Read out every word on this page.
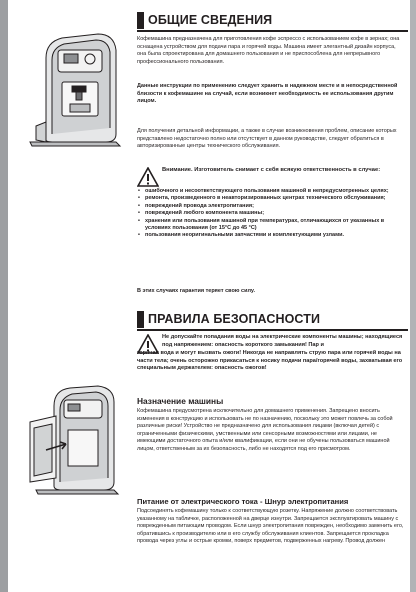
ОБЩИЕ СВЕДЕНИЯ

Кофемашина предназначена для приготовления кофе эспрессо с использованием кофе в зернах; она оснащена устройством для подачи пара и горячей воды. Машина имеет элегантный дизайн корпуса, она была спроектирована для домашнего пользования и не приспособлена для непрерывного профессионального пользования.

Данные инструкции по применению следует хранить в надежном месте и в непосредственной близости к кофемашине на случай, если возникнет необходимость ее использования другим лицом.

Для получения детальной информации, а также в случае возникновения проблем, описание которых представлено недостаточно полно или отсутствует в данном руководстве, следует обратиться в авторизированные центры технического обслуживания.

Внимание. Изготовитель снимает с себя всякую ответственность в случае:

• ошибочного и несоответствующего пользования машиной в непредусмотренных целях;
• ремонта, произведенного в неавторизированных центрах технического обслуживания;
• повреждений провода электропитания;
• повреждений любого компонента машины;
• хранения или пользования машиной при температурах, отличающихся от указанных в условиях пользования (от 15°С до 45 °С)
• пользования неоригинальными запчастями и комплектующими узлами.

В этих случаях гарантия теряет свою силу.

ПРАВИЛА БЕЗОПАСНОСТИ

Не допускайте попадания воды на электрические компоненты машины; находящиеся под напряжением: опасность короткого замыкания! Пар и

горячая вода и могут вызвать ожоги! Никогда не направлять струю пара или горячей воды на части тела; очень осторожно прикасаться к носику подачи пара/горячей воды, захватывая его специальным держателем: опасность ожогов!

Назначение машины

Кофемашина предусмотрена исключительно для домашнего применения. Запрещено вносить изменения в конструкцию и использовать не по назначению, поскольку это может повлечь за собой различные риски! Устройство не предназначено для использования лицами (включая детей) с ограниченными физическими, умственными или сенсорными возможностями или лицами, не имеющими достаточного опыта и/или квалификации, если они не обучены пользоваться машиной лицом, ответственным за их безопасность, либо не находятся под его присмотром.

Питание от электрического тока - Шнур электропитания

Подсоединять кофемашину только к соответствующую розетку. Напряжение должно соответствовать указанному на табличке, расположенной на дверце изнутри. Запрещается эксплуатировать машину с поврежденным питающим проводом. Если шнур электропитания поврежден, необходимо заменить его, обратившись к производителю или в его службу обслуживания клиентов. Запрещается прокладка провода через углы и острые кромки, поверх предметов, подверженных нагреву. Провод должен
